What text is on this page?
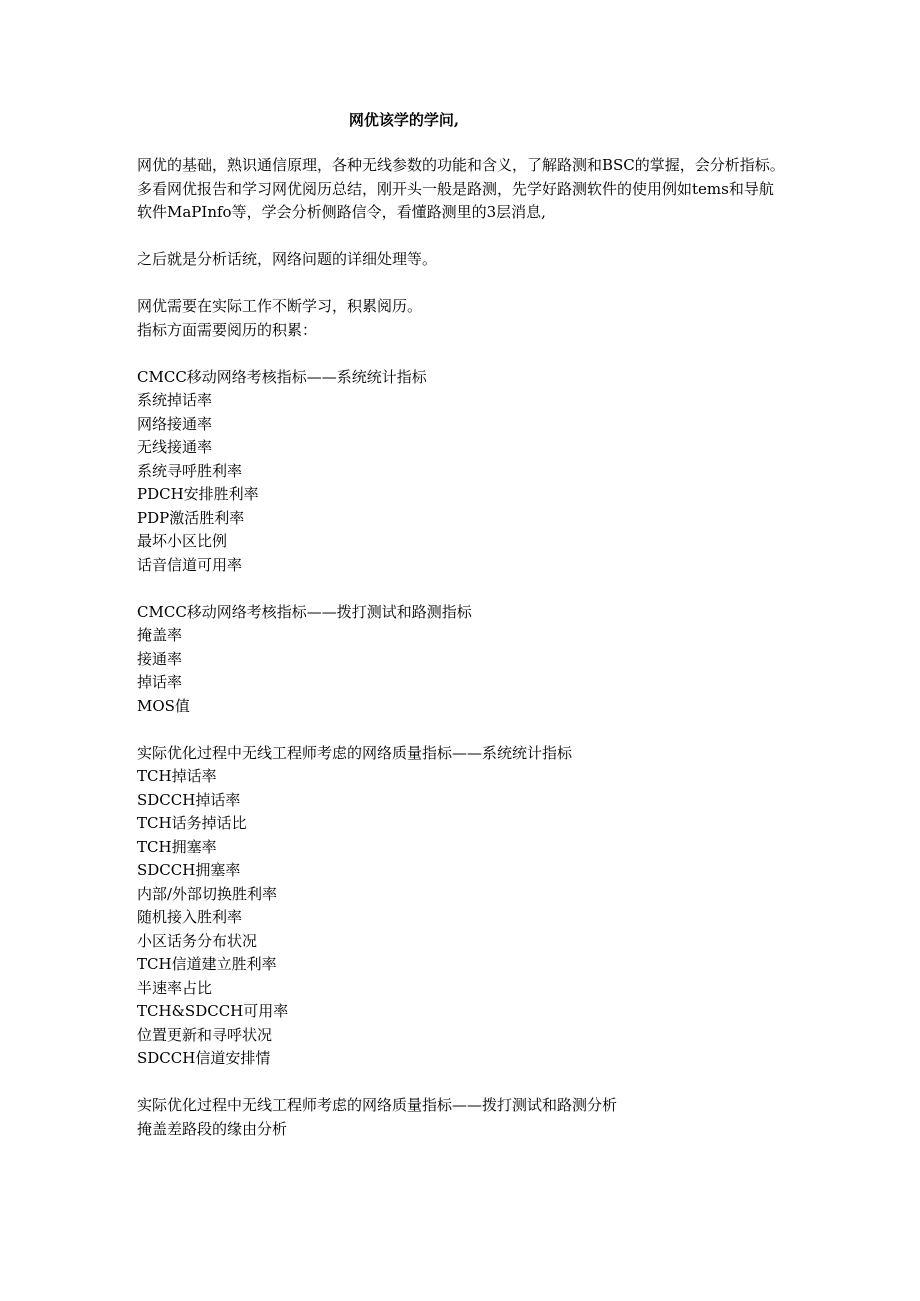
网优该学的学问,

网优的基础，熟识通信原理，各种无线参数的功能和含义，了解路测和BSC的掌握，会分析指标。

多看网优报告和学习网优阅历总结，刚开头一般是路测，先学好路测软件的使用例如tems和导航软件MaPInfo等，学会分析侧路信令，看懂路测里的3层消息,

之后就是分析话统，网络问题的详细处理等。

网优需要在实际工作不断学习，积累阅历。

指标方面需要阅历的积累：

CMCC移动网络考核指标——系统统计指标

系统掉话率

网络接通率

无线接通率

系统寻呼胜利率

PDCH安排胜利率

PDP激活胜利率

最坏小区比例

话音信道可用率

CMCC移动网络考核指标——拨打测试和路测指标

掩盖率

接通率

掉话率

MOS值

实际优化过程中无线工程师考虑的网络质量指标——系统统计指标

TCH掉话率

SDCCH掉话率

TCH话务掉话比

TCH拥塞率

SDCCH拥塞率

内部/外部切换胜利率

随机接入胜利率

小区话务分布状况

TCH信道建立胜利率

半速率占比

TCH&SDCCH可用率

位置更新和寻呼状况

SDCCH信道安排情

实际优化过程中无线工程师考虑的网络质量指标——拨打测试和路测分析

掩盖差路段的缘由分析
